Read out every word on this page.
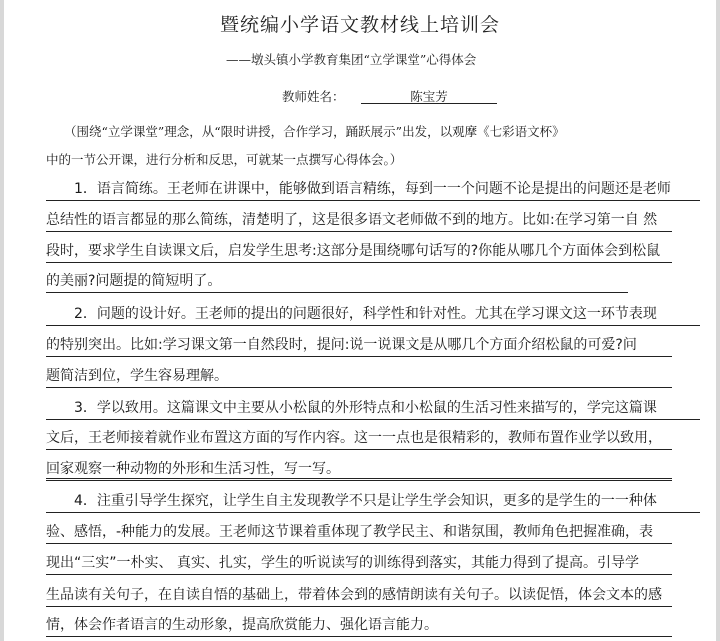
暨统编小学语文教材线上培训会
——墩头镇小学教育集团“立学课堂”心得体会
教师姓名：	陈宝芳
（围绕“立学课堂”理念，从“限时讲授，合作学习，踊跃展示”出发，以观摩《七彩语文杯》
中的一节公开课，进行分析和反思，可就某一点撰写心得体会。）
1．语言简练。王老师在讲课中，能够做到语言精练，每到一一个问题不论是提出的问题还是老师
总结性的语言都显的那么简练，清楚明了，这是很多语文老师做不到的地方。比如:在学习第一自 然
段时，要求学生自读课文后，启发学生思考:这部分是围绕哪句话写的?你能从哪几个方面体会到松鼠
的美丽?问题提的简短明了。
2．问题的设计好。王老师的提出的问题很好，科学性和针对性。尤其在学习课文这一环节表现
的特别突出。比如:学习课文第一自然段时，提问:说一说课文是从哪几个方面介绍松鼠的可爱?问
题简洁到位，学生容易理解。
3．学以致用。这篇课文中主要从小松鼠的外形特点和小松鼠的生活习性来描写的，学完这篇课
文后，王老师接着就作业布置这方面的写作内容。这一一点也是很精彩的，教师布置作业学以致用，
回家观察一种动物的外形和生活习性，写一写。
4．注重引导学生探究，让学生自主发现教学不只是让学生学会知识，更多的是学生的一一种体
验、感悟，-种能力的发展。王老师这节课着重体现了教学民主、和谐氛围，教师角色把握准确，表
现出“三实”一朴实、 真实、扎实，学生的听说读写的训练得到落实，其能力得到了提高。引导学
生品读有关句子，在自读自悟的基础上，带着体会到的感情朗读有关句子。以读促悟，体会文本的感
情，体会作者语言的生动形象，提高欣赏能力、强化语言能力。
